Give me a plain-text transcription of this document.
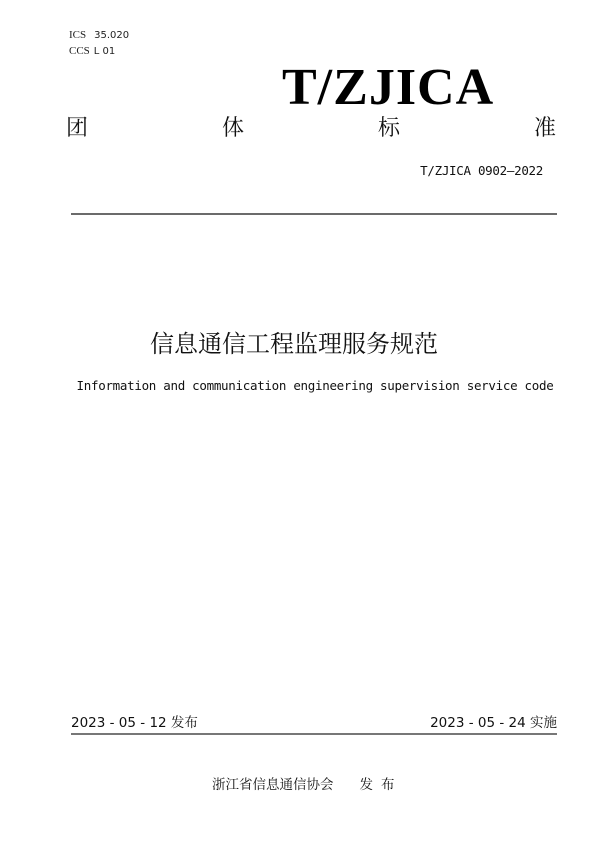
ICS 35.020
CCS L 01
T/ZJICA
团	体	标	准
T/ZJICA 0902—2022
信息通信工程监理服务规范
Information and communication engineering supervision service code
2023 - 05 - 12 发布	2023 - 05 - 24 实施
浙江省信息通信协会 发布
